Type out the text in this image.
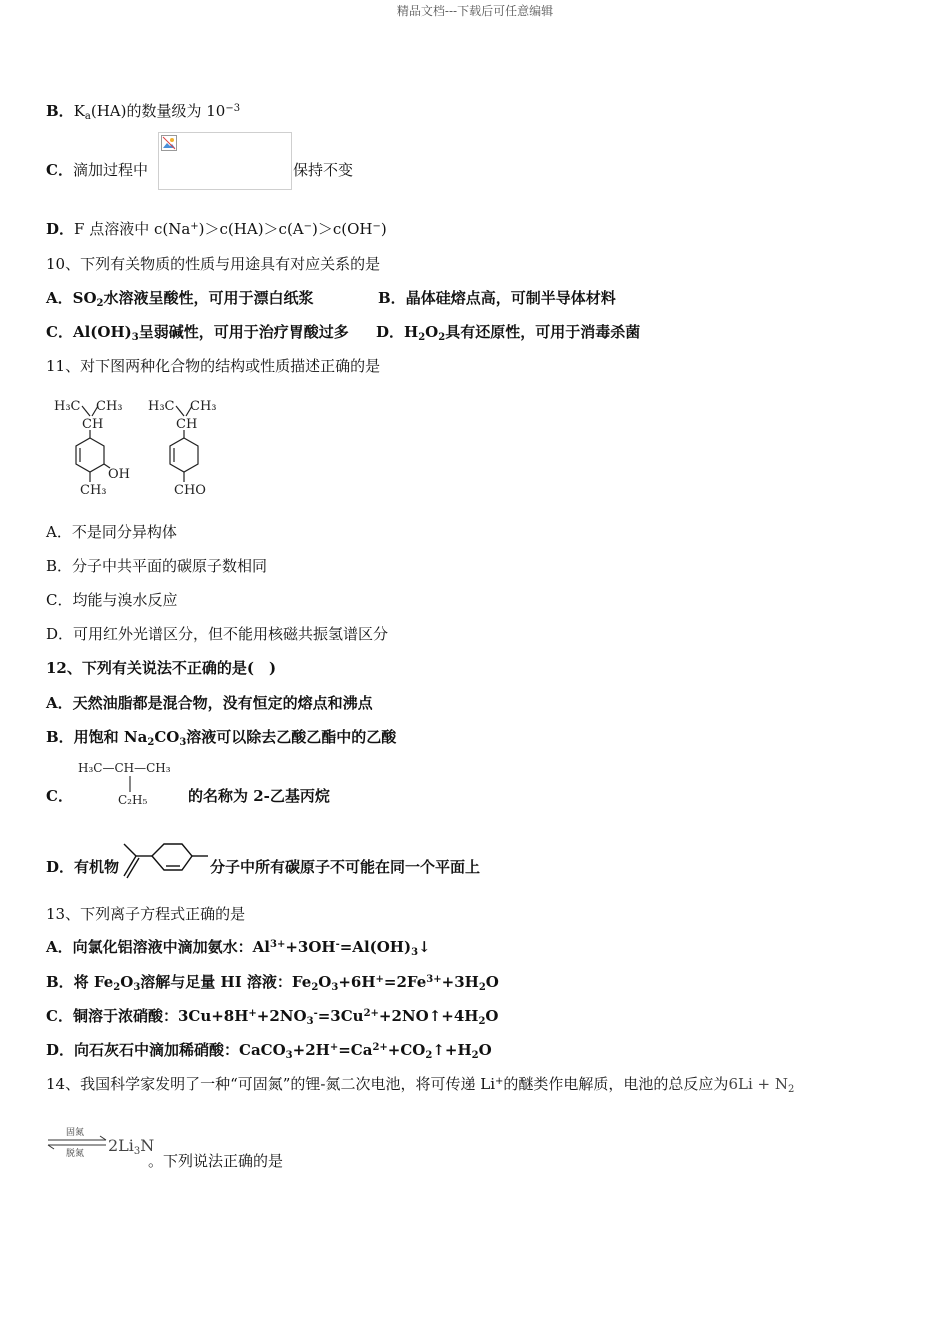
精品文档---下载后可任意编辑
B．$K_a(HA)$的数量级为 $10^{-3}$
C．滴加过程中	保持不变
D．F 点溶液中 c(Na+)＞c(HA)＞c(A−)＞c(OH−)
10、下列有关物质的性质与用途具有对应关系的是
A．$SO_2$水溶液呈酸性，可用于漂白纸浆	B．晶体硅熔点高，可制半导体材料
C．$Al(OH)_3$呈弱碱性，可用于治疗胃酸过多 D．$H_2O_2$具有还原性，可用于消毒杀菌
11、对下图两种化合物的结构或性质描述正确的是
H₃C CH₃
CH
OH
CH₃
H₃C CH₃
CH
CHO
A．不是同分异构体
B．分子中共平面的碳原子数相同
C．均能与溴水反应
D．可用红外光谱区分，但不能用核磁共振氢谱区分
12、下列有关说法不正确的是(　)
A．天然油脂都是混合物，没有恒定的熔点和沸点
B．用饱和 $Na_2CO_3$溶液可以除去乙酸乙酯中的乙酸
C．
H₃C—CH—CH₃
C₂H₅	的名称为 2-乙基丙烷
D．有机物	分子中所有碳原子不可能在同一个平面上
13、下列离子方程式正确的是
A．向氯化铝溶液中滴加氨水：$Al^{3+}+3OH^-=Al(OH)_3↓$
B．将 $Fe_2O_3$溶解与足量 HI 溶液：$Fe_2O_3+6H^+=2Fe^{3+}+3H_2O$
C．铜溶于浓硝酸：$3Cu+8H^++2NO_3^-=3Cu^{2+}+2NO↑+4H_2O$
D．向石灰石中滴加稀硝酸：$CaCO_3+2H^+=Ca^{2+}+CO_2↑+H_2O$
14、我国科学家发明了一种“可固氮”的锂-氮二次电池，将可传递 Li+的醚类作电解质，电池的总反应为$6Li + N_2$
固氮
脱氮 $2Li_3N$
。下列说法正确的是
